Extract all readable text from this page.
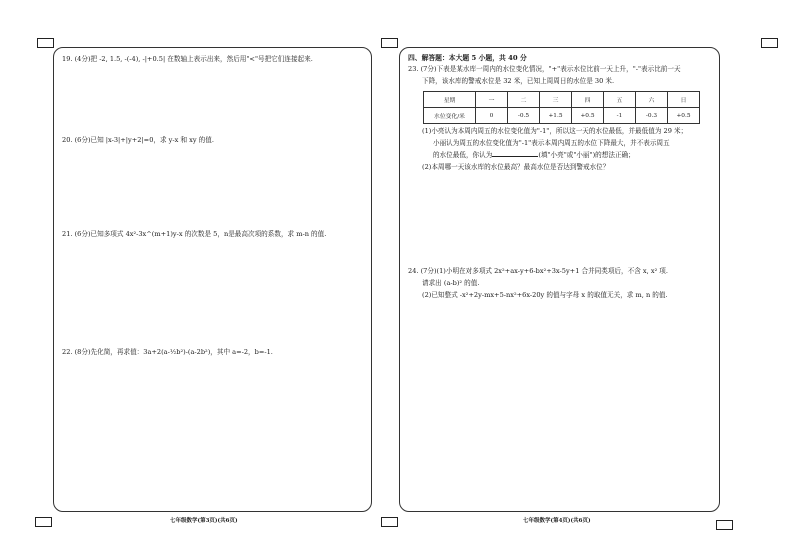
19. (4分)把 -2, 1.5, -(-4), -|+0.5| 在数轴上表示出来，然后用"<"号把它们连接起来.
20. (6分)已知 |x-3|+|y+2|=0，求 y-x 和 xy 的值.
21. (6分)已知多项式 4x²-3x^(m+1)y-x 的次数是 5，n是最高次项的系数，求 m-n 的值.
22. (8分)先化简，再求值：3a+2(a-½b²)-(a-2b²)，其中 a=-2，b=-1.
七年级数学(第3页)(共6页)
四、解答题：本大题 5 小题，共 40 分
23. (7分)下表是某水库一周内的水位变化情况，"+"表示水位比前一天上升，"-"表示比前一天
下降，该水库的警戒水位是 32 米，已知上周周日的水位是 30 米.
星期	一	二	三	四	五	六	日
水位变化/米	0	-0.5	+1.5	+0.5	-1	-0.3	+0.5
(1)小亮认为本周内周五的水位变化值为"-1"，所以这一天的水位最低，并最低值为 29 米；
小丽认为周五的水位变化值为"-1"表示本周内周五的水位下降最大，并不表示周五
的水位最低，你认为	(填"小亮"或"小丽")的想法正确；
(2)本周哪一天该水库的水位最高？最高水位是否达到警戒水位？
24. (7分)(1)小明在对多项式 2x²+ax-y+6-bx²+3x-5y+1 合并同类项后，不含 x, x² 项.
请求出 (a-b)² 的值.
(2)已知整式 -x²+2y-mx+5-nx²+6x-20y 的值与字母 x 的取值无关，求 m, n 的值.
七年级数学(第4页)(共6页)
